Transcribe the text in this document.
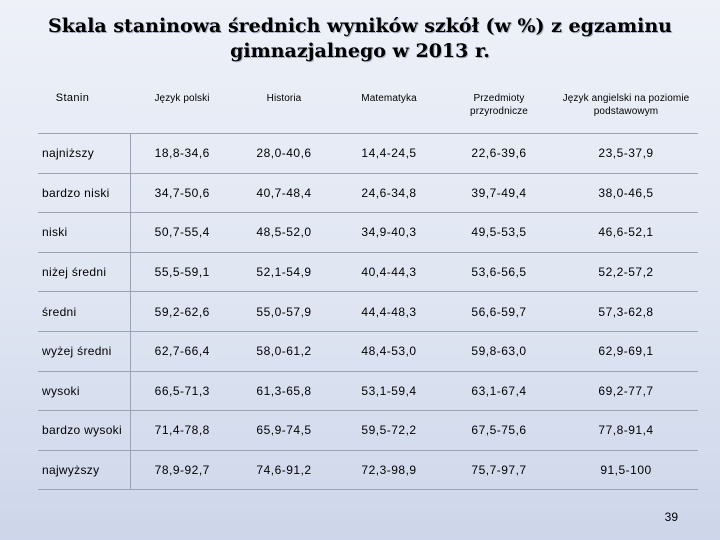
Skala staninowa średnich wyników szkół (w %) z egzaminu
gimnazjalnego w 2013 r.
Stanin	Język polski	Historia	Matematyka	Przedmioty przyrodnicze	Język angielski na poziomie podstawowym
najniższy	18,8-34,6	28,0-40,6	14,4-24,5	22,6-39,6	23,5-37,9
bardzo niski	34,7-50,6	40,7-48,4	24,6-34,8	39,7-49,4	38,0-46,5
niski	50,7-55,4	48,5-52,0	34,9-40,3	49,5-53,5	46,6-52,1
niżej średni	55,5-59,1	52,1-54,9	40,4-44,3	53,6-56,5	52,2-57,2
średni	59,2-62,6	55,0-57,9	44,4-48,3	56,6-59,7	57,3-62,8
wyżej średni	62,7-66,4	58,0-61,2	48,4-53,0	59,8-63,0	62,9-69,1
wysoki	66,5-71,3	61,3-65,8	53,1-59,4	63,1-67,4	69,2-77,7
bardzo wysoki	71,4-78,8	65,9-74,5	59,5-72,2	67,5-75,6	77,8-91,4
najwyższy	78,9-92,7	74,6-91,2	72,3-98,9	75,7-97,7	91,5-100
39
